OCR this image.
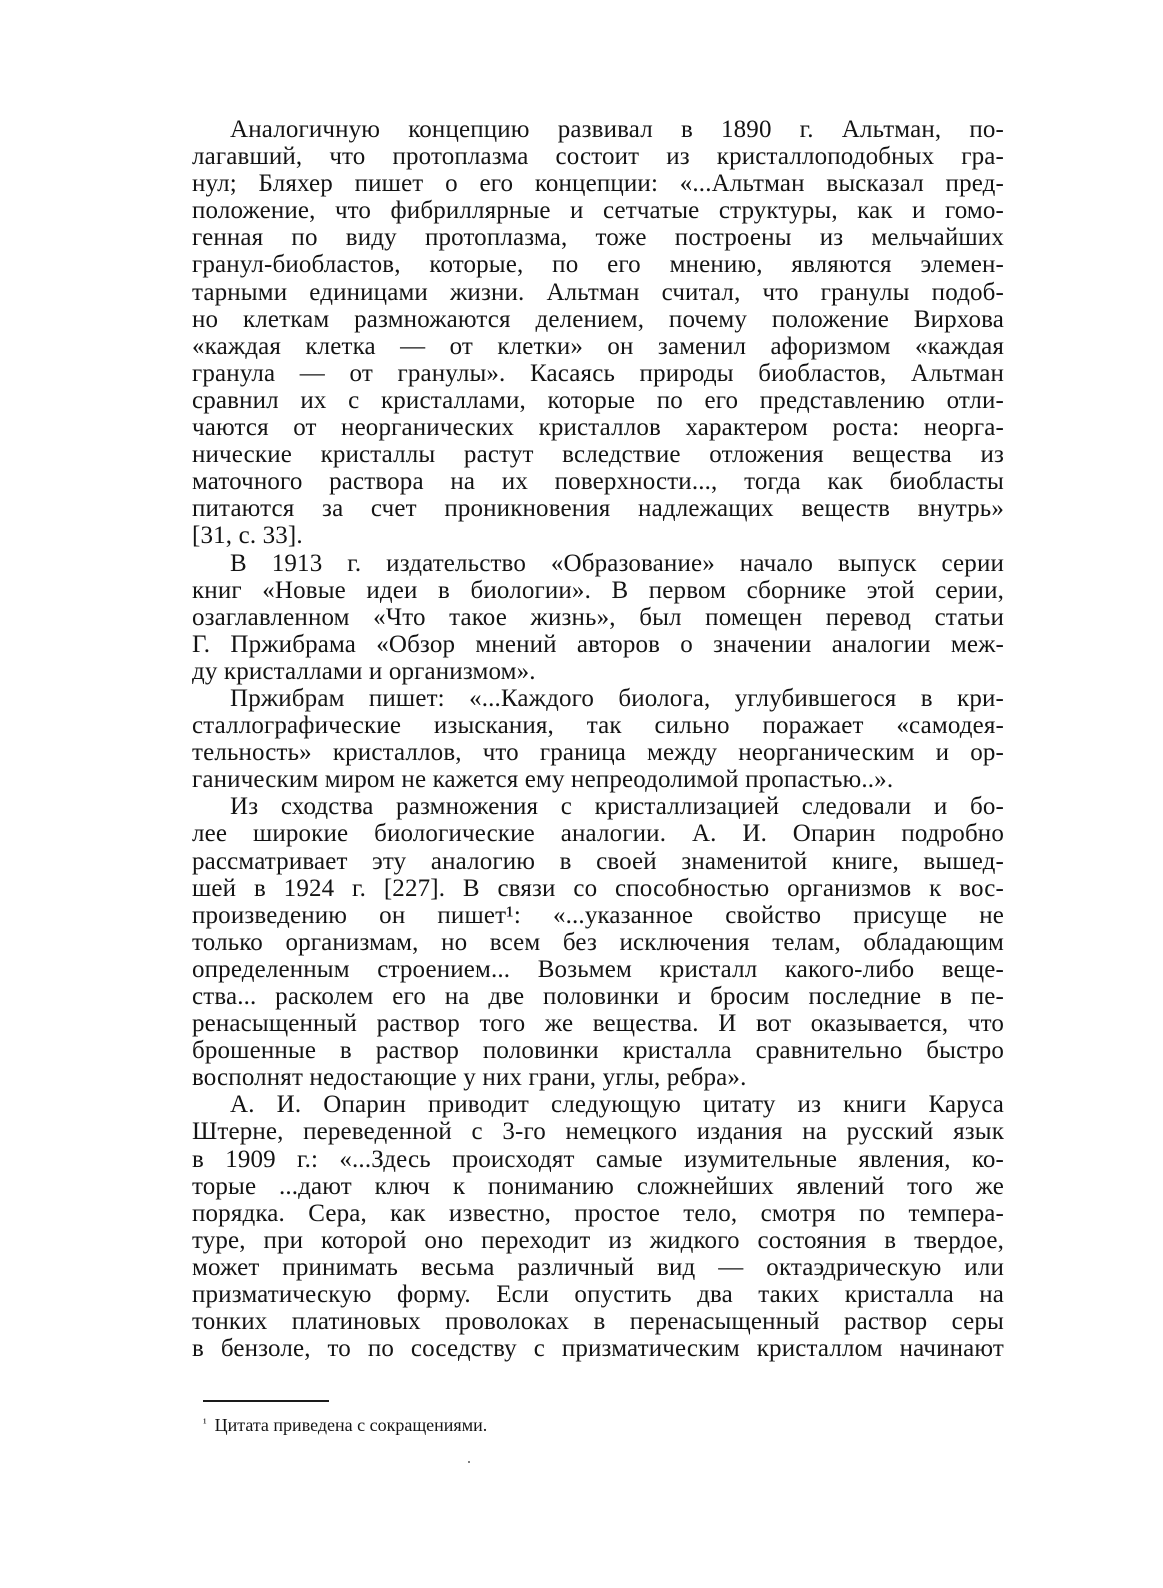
Аналогичную концепцию развивал в 1890 г. Альтман, по-
лагавший, что протоплазма состоит из кристаллоподобных гра-
нул; Бляхер пишет о его концепции: «...Альтман высказал пред-
положение, что фибриллярные и сетчатые структуры, как и гомо-
генная по виду протоплазма, тоже построены из мельчайших
гранул-биобластов, которые, по его мнению, являются элемен-
тарными единицами жизни. Альтман считал, что гранулы подоб-
но клеткам размножаются делением, почему положение Вирхова
«каждая клетка — от клетки» он заменил афоризмом «каждая
гранула — от гранулы». Касаясь природы биобластов, Альтман
сравнил их с кристаллами, которые по его представлению отли-
чаются от неорганических кристаллов характером роста: неорга-
нические кристаллы растут вследствие отложения вещества из
маточного раствора на их поверхности..., тогда как биобласты
питаются за счет проникновения надлежащих веществ внутрь»
[31, с. 33].
В 1913 г. издательство «Образование» начало выпуск серии
книг «Новые идеи в биологии». В первом сборнике этой серии,
озаглавленном «Что такое жизнь», был помещен перевод статьи
Г. Пржибрама «Обзор мнений авторов о значении аналогии меж-
ду кристаллами и организмом».
Пржибрам пишет: «...Каждого биолога, углубившегося в кри-
сталлографические изыскания, так сильно поражает «самодея-
тельность» кристаллов, что граница между неорганическим и ор-
ганическим миром не кажется ему непреодолимой пропастью..».
Из сходства размножения с кристаллизацией следовали и бо-
лее широкие биологические аналогии. А. И. Опарин подробно
рассматривает эту аналогию в своей знаменитой книге, вышед-
шей в 1924 г. [227]. В связи со способностью организмов к вос-
произведению он пишет¹: «...указанное свойство присуще не
только организмам, но всем без исключения телам, обладающим
определенным строением... Возьмем кристалл какого-либо веще-
ства... расколем его на две половинки и бросим последние в пе-
ренасыщенный раствор того же вещества. И вот оказывается, что
брошенные в раствор половинки кристалла сравнительно быстро
восполнят недостающие у них грани, углы, ребра».
А. И. Опарин приводит следующую цитату из книги Каруса
Штерне, переведенной с 3-го немецкого издания на русский язык
в 1909 г.: «...Здесь происходят самые изумительные явления, ко-
торые ...дают ключ к пониманию сложнейших явлений того же
порядка. Сера, как известно, простое тело, смотря по темпера-
туре, при которой оно переходит из жидкого состояния в твердое,
может принимать весьма различный вид — октаэдрическую или
призматическую форму. Если опустить два таких кристалла на
тонких платиновых проволоках в перенасыщенный раствор серы
в бензоле, то по соседству с призматическим кристаллом начинают
$^{^1}$ Цитата приведена с сокращениями.
